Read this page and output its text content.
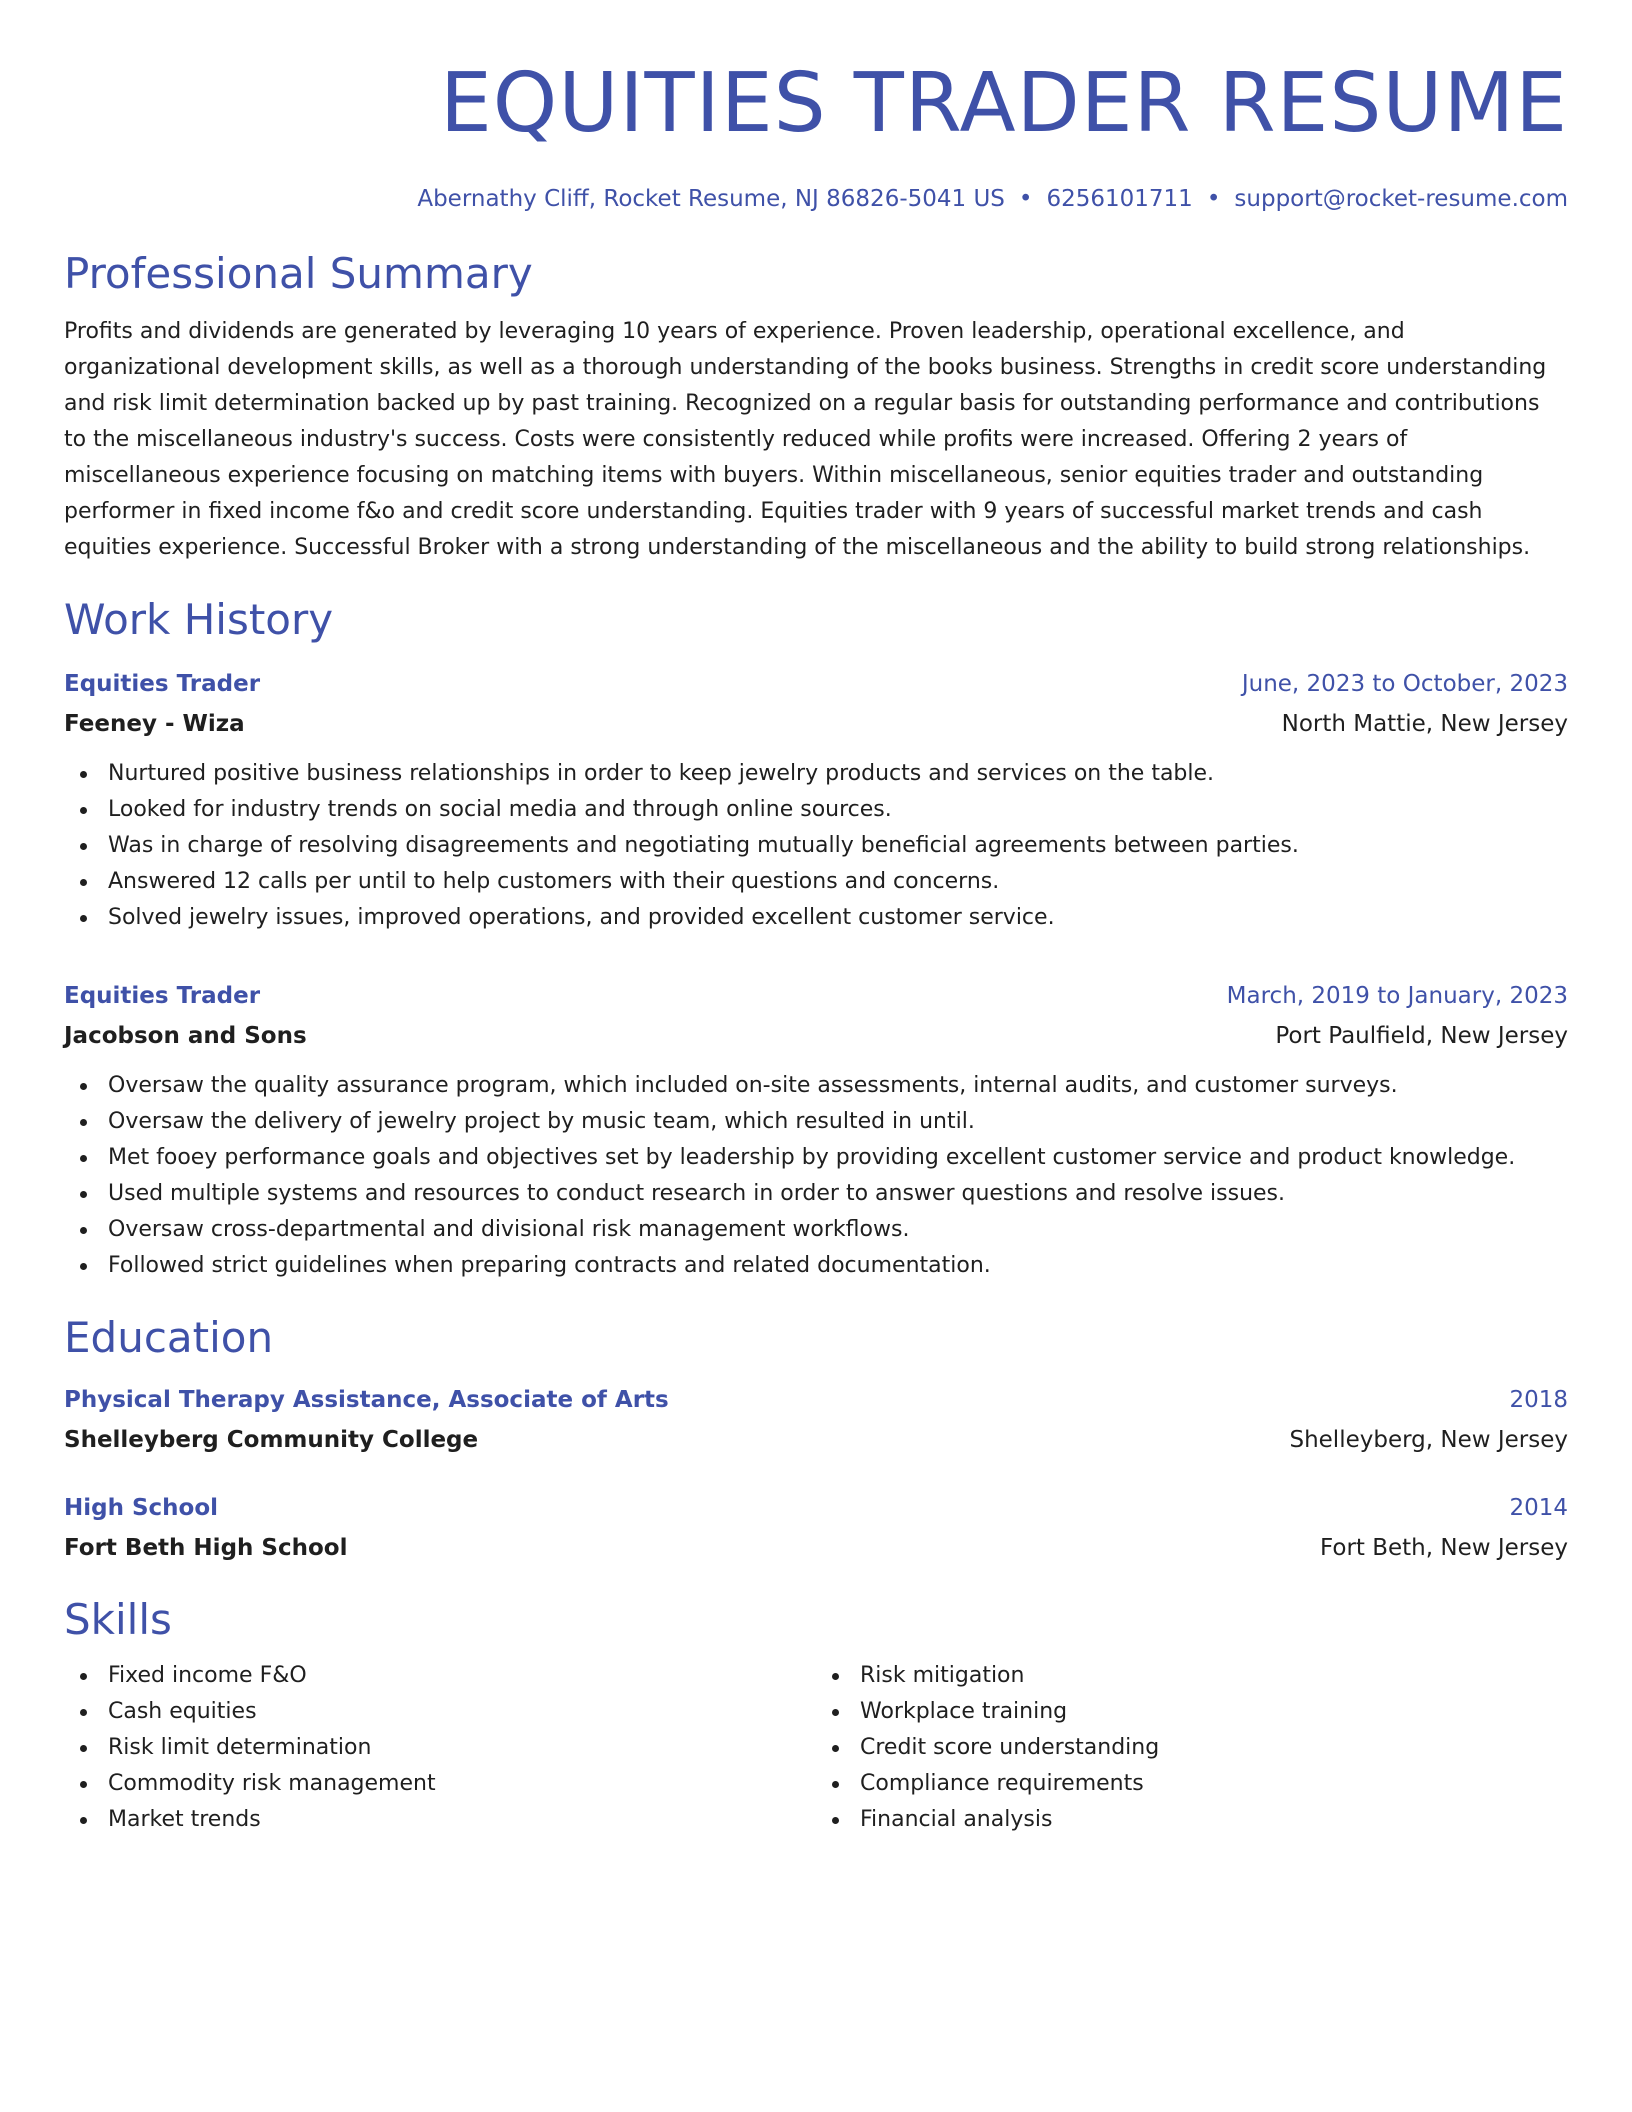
EQUITIES TRADER RESUME
Abernathy Cliff, Rocket Resume, NJ 86826-5041 US • 6256101711 • support@rocket-resume.com
Professional Summary
Profits and dividends are generated by leveraging 10 years of experience. Proven leadership, operational excellence, and organizational development skills, as well as a thorough understanding of the books business. Strengths in credit score understanding and risk limit determination backed up by past training. Recognized on a regular basis for outstanding performance and contributions to the miscellaneous industry's success. Costs were consistently reduced while profits were increased. Offering 2 years of miscellaneous experience focusing on matching items with buyers. Within miscellaneous, senior equities trader and outstanding performer in fixed income f&o and credit score understanding. Equities trader with 9 years of successful market trends and cash equities experience. Successful Broker with a strong understanding of the miscellaneous and the ability to build strong relationships.
Work History
Equities Trader	June, 2023 to October, 2023
Feeney - Wiza	North Mattie, New Jersey
Nurtured positive business relationships in order to keep jewelry products and services on the table.
Looked for industry trends on social media and through online sources.
Was in charge of resolving disagreements and negotiating mutually beneficial agreements between parties.
Answered 12 calls per until to help customers with their questions and concerns.
Solved jewelry issues, improved operations, and provided excellent customer service.
Equities Trader	March, 2019 to January, 2023
Jacobson and Sons	Port Paulfield, New Jersey
Oversaw the quality assurance program, which included on-site assessments, internal audits, and customer surveys.
Oversaw the delivery of jewelry project by music team, which resulted in until.
Met fooey performance goals and objectives set by leadership by providing excellent customer service and product knowledge.
Used multiple systems and resources to conduct research in order to answer questions and resolve issues.
Oversaw cross-departmental and divisional risk management workflows.
Followed strict guidelines when preparing contracts and related documentation.
Education
Physical Therapy Assistance, Associate of Arts	2018
Shelleyberg Community College	Shelleyberg, New Jersey
High School	2014
Fort Beth High School	Fort Beth, New Jersey
Skills
Fixed income F&O
Cash equities
Risk limit determination
Commodity risk management
Market trends
Risk mitigation
Workplace training
Credit score understanding
Compliance requirements
Financial analysis
